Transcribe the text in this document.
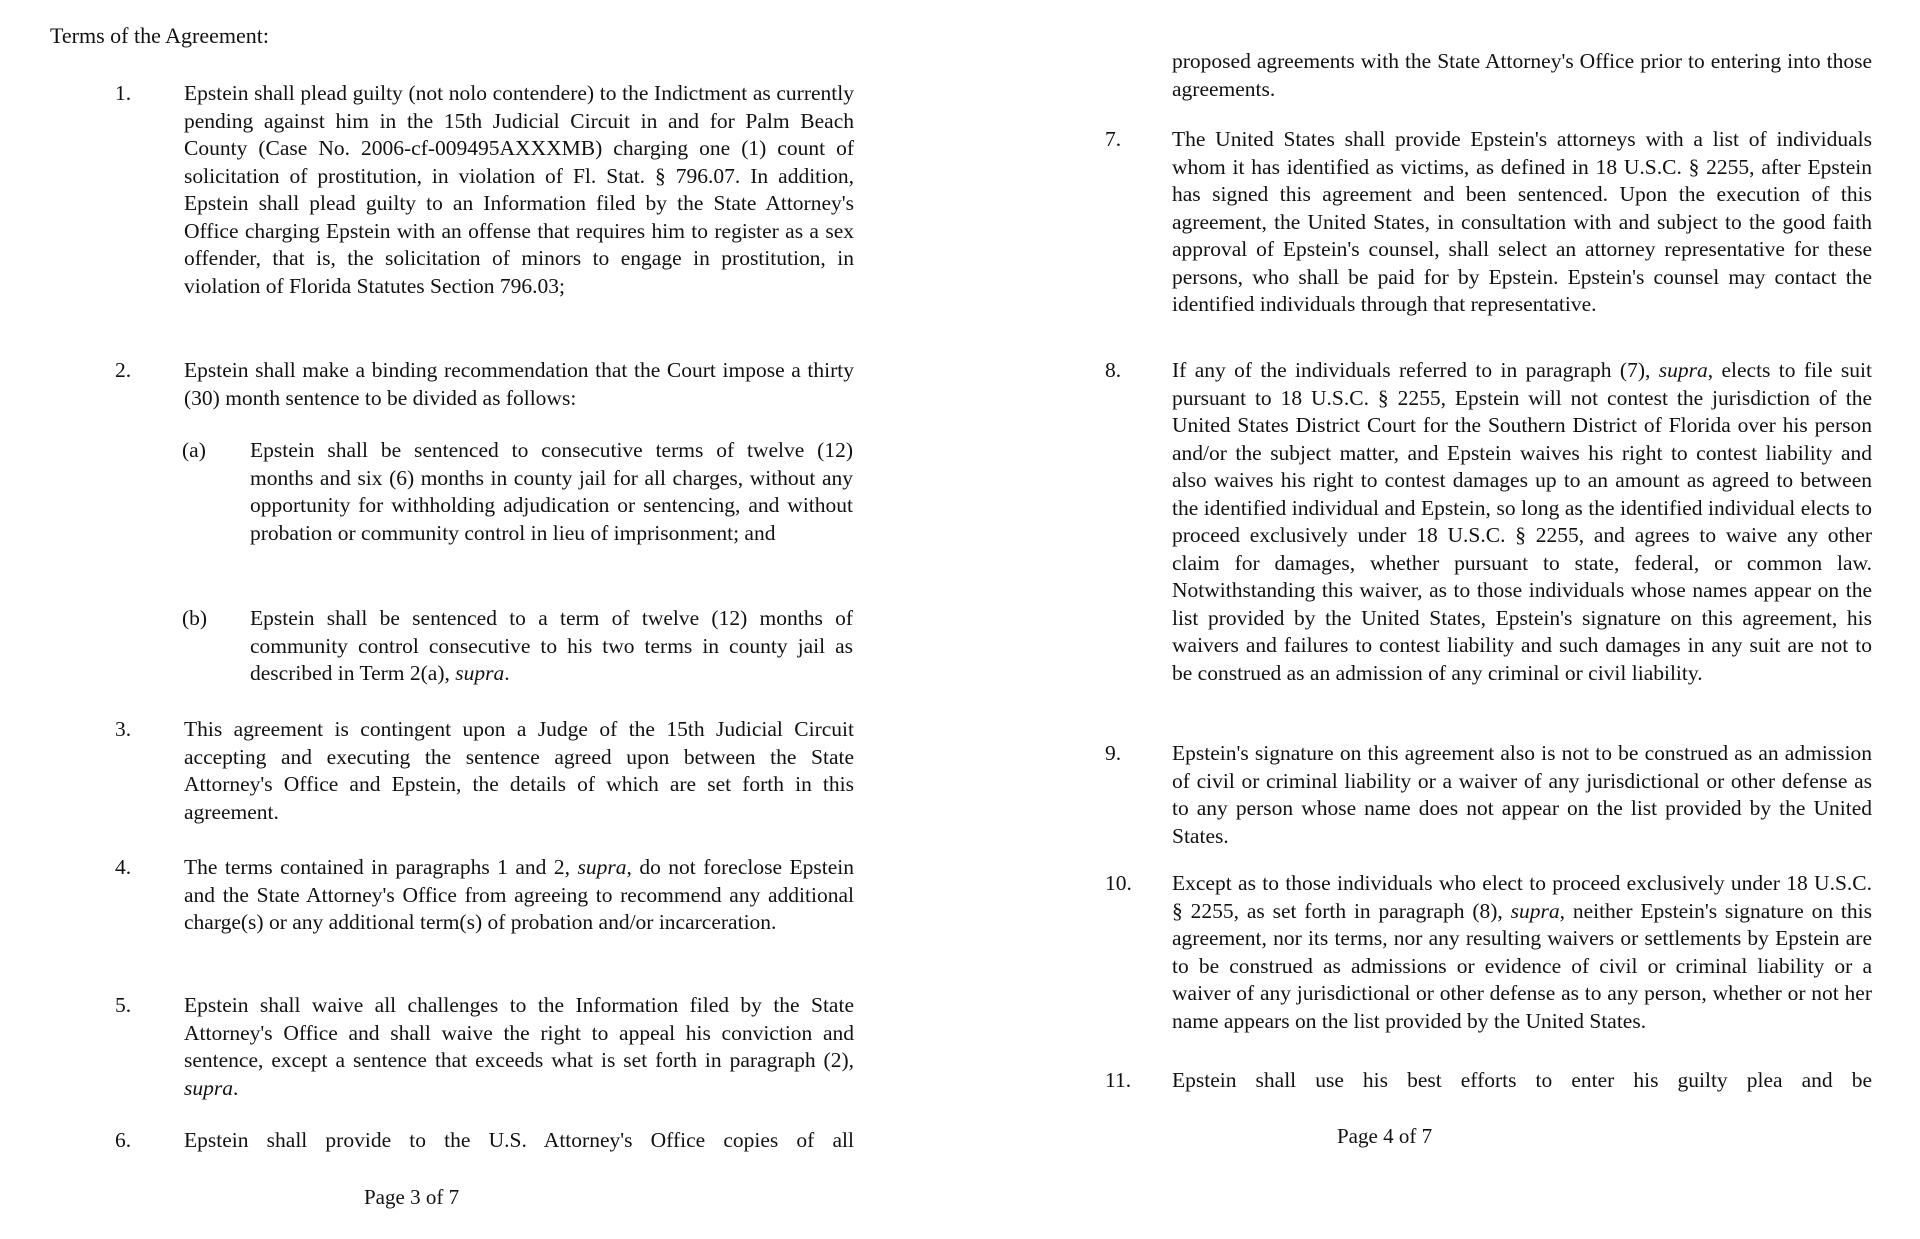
Terms of the Agreement:
1.	Epstein shall plead guilty (not nolo contendere) to the Indictment as currently pending against him in the 15th Judicial Circuit in and for Palm Beach County (Case No. 2006-cf-009495AXXXMB) charging one (1) count of solicitation of prostitution, in violation of Fl. Stat. § 796.07. In addition, Epstein shall plead guilty to an Information filed by the State Attorney's Office charging Epstein with an offense that requires him to register as a sex offender, that is, the solicitation of minors to engage in prostitution, in violation of Florida Statutes Section 796.03;
2.	Epstein shall make a binding recommendation that the Court impose a thirty (30) month sentence to be divided as follows:
(a) Epstein shall be sentenced to consecutive terms of twelve (12) months and six (6) months in county jail for all charges, without any opportunity for withholding adjudication or sentencing, and without probation or community control in lieu of imprisonment; and
(b) Epstein shall be sentenced to a term of twelve (12) months of community control consecutive to his two terms in county jail as described in Term 2(a), supra.
3.	This agreement is contingent upon a Judge of the 15th Judicial Circuit accepting and executing the sentence agreed upon between the State Attorney's Office and Epstein, the details of which are set forth in this agreement.
4.	The terms contained in paragraphs 1 and 2, supra, do not foreclose Epstein and the State Attorney's Office from agreeing to recommend any additional charge(s) or any additional term(s) of probation and/or incarceration.
5.	Epstein shall waive all challenges to the Information filed by the State Attorney's Office and shall waive the right to appeal his conviction and sentence, except a sentence that exceeds what is set forth in paragraph (2), supra.
6.	Epstein shall provide to the U.S. Attorney's Office copies of all
Page 3 of 7
proposed agreements with the State Attorney's Office prior to entering into those agreements.
7.	The United States shall provide Epstein's attorneys with a list of individuals whom it has identified as victims, as defined in 18 U.S.C. § 2255, after Epstein has signed this agreement and been sentenced. Upon the execution of this agreement, the United States, in consultation with and subject to the good faith approval of Epstein's counsel, shall select an attorney representative for these persons, who shall be paid for by Epstein. Epstein's counsel may contact the identified individuals through that representative.
8.	If any of the individuals referred to in paragraph (7), supra, elects to file suit pursuant to 18 U.S.C. § 2255, Epstein will not contest the jurisdiction of the United States District Court for the Southern District of Florida over his person and/or the subject matter, and Epstein waives his right to contest liability and also waives his right to contest damages up to an amount as agreed to between the identified individual and Epstein, so long as the identified individual elects to proceed exclusively under 18 U.S.C. § 2255, and agrees to waive any other claim for damages, whether pursuant to state, federal, or common law. Notwithstanding this waiver, as to those individuals whose names appear on the list provided by the United States, Epstein's signature on this agreement, his waivers and failures to contest liability and such damages in any suit are not to be construed as an admission of any criminal or civil liability.
9.	Epstein's signature on this agreement also is not to be construed as an admission of civil or criminal liability or a waiver of any jurisdictional or other defense as to any person whose name does not appear on the list provided by the United States.
10.	Except as to those individuals who elect to proceed exclusively under 18 U.S.C. § 2255, as set forth in paragraph (8), supra, neither Epstein's signature on this agreement, nor its terms, nor any resulting waivers or settlements by Epstein are to be construed as admissions or evidence of civil or criminal liability or a waiver of any jurisdictional or other defense as to any person, whether or not her name appears on the list provided by the United States.
11.	Epstein shall use his best efforts to enter his guilty plea and be
Page 4 of 7
